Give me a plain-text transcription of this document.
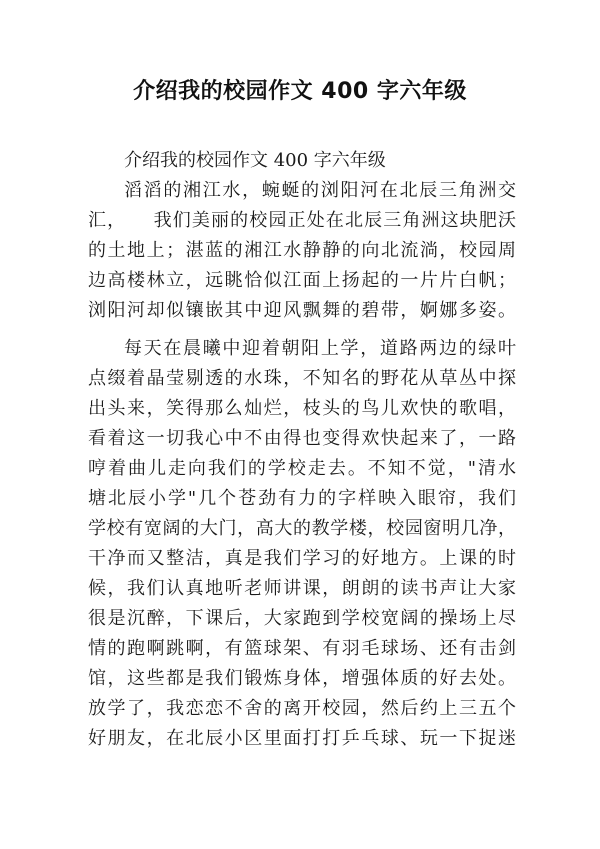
介绍我的校园作文 400 字六年级
介绍我的校园作文 400 字六年级
滔滔的湘江水，蜿蜒的浏阳河在北辰三角洲交
汇，    我们美丽的校园正处在北辰三角洲这块肥沃
的土地上；湛蓝的湘江水静静的向北流淌，校园周
边高楼林立，远眺恰似江面上扬起的一片片白帆；
浏阳河却似镶嵌其中迎风飘舞的碧带，婀娜多姿。
每天在晨曦中迎着朝阳上学，道路两边的绿叶
点缀着晶莹剔透的水珠，不知名的野花从草丛中探
出头来，笑得那么灿烂，枝头的鸟儿欢快的歌唱，
看着这一切我心中不由得也变得欢快起来了，一路
哼着曲儿走向我们的学校走去。不知不觉，"清水
塘北辰小学"几个苍劲有力的字样映入眼帘，我们
学校有宽阔的大门，高大的教学楼，校园窗明几净，
干净而又整洁，真是我们学习的好地方。上课的时
候，我们认真地听老师讲课，朗朗的读书声让大家
很是沉醉，下课后，大家跑到学校宽阔的操场上尽
情的跑啊跳啊，有篮球架、有羽毛球场、还有击剑
馆，这些都是我们锻炼身体，增强体质的好去处。
放学了，我恋恋不舍的离开校园，然后约上三五个
好朋友，在北辰小区里面打打乒乓球、玩一下捉迷
